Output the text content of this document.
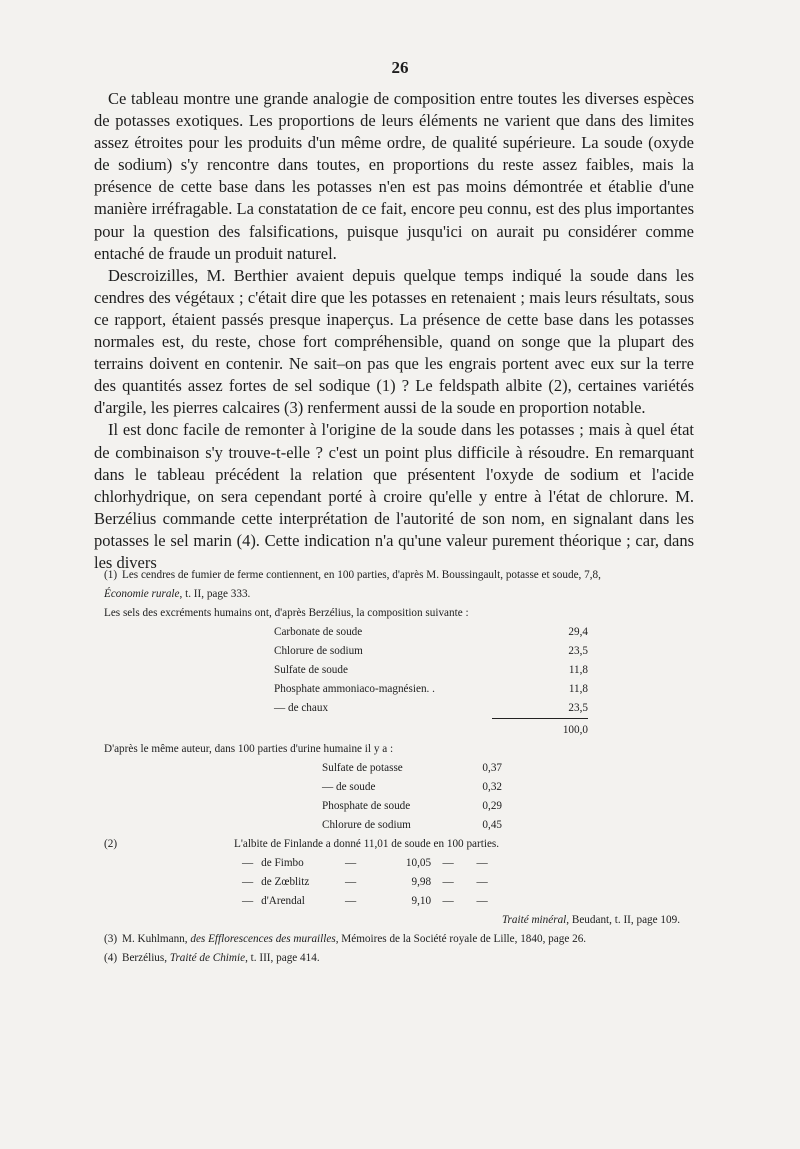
26

Ce tableau montre une grande analogie de composition entre toutes les diverses espèces de potasses exotiques. Les proportions de leurs éléments ne varient que dans des limites assez étroites pour les produits d'un même ordre, de qualité supérieure. La soude (oxyde de sodium) s'y rencontre dans toutes, en proportions du reste assez faibles, mais la présence de cette base dans les potasses n'en est pas moins démontrée et établie d'une manière irréfragable. La constatation de ce fait, encore peu connu, est des plus importantes pour la question des falsifications, puisque jusqu'ici on aurait pu considérer comme entaché de fraude un produit naturel.

Descroizilles, M. Berthier avaient depuis quelque temps indiqué la soude dans les cendres des végétaux ; c'était dire que les potasses en retenaient ; mais leurs résultats, sous ce rapport, étaient passés presque inaperçus. La présence de cette base dans les potasses normales est, du reste, chose fort compréhensible, quand on songe que la plupart des terrains doivent en contenir. Ne sait–on pas que les engrais portent avec eux sur la terre des quantités assez fortes de sel sodique (1) ? Le feldspath albite (2), certaines variétés d'argile, les pierres calcaires (3) renferment aussi de la soude en proportion notable.

Il est donc facile de remonter à l'origine de la soude dans les potasses ; mais à quel état de combinaison s'y trouve-t-elle ? c'est un point plus difficile à résoudre. En remarquant dans le tableau précédent la relation que présentent l'oxyde de sodium et l'acide chlorhydrique, on sera cependant porté à croire qu'elle y entre à l'état de chlorure. M. Berzélius commande cette interprétation de l'autorité de son nom, en signalant dans les potasses le sel marin (4). Cette indication n'a qu'une valeur purement théorique ; car, dans les divers

(1) Les cendres de fumier de ferme contiennent, en 100 parties, d'après M. Boussingault, potasse et soude, 7,8,

Économie rurale, t. II, page 333.

Les sels des excréments humains ont, d'après Berzélius, la composition suivante :

Carbonate de soude	29,4
Chlorure de sodium	23,5
Sulfate de soude	11,8
Phosphate ammoniaco-magnésien. .	11,8
— de chaux	23,5
	100,0

D'après le même auteur, dans 100 parties d'urine humaine il y a :

Sulfate de potasse	0,37
— de soude	0,32
Phosphate de soude	0,29
Chlorure de sodium	0,45
(2)	L'albite de Finlande a donné 11,01 de soude en 100 parties.					
	—	de Fimbo	—	10,05	—	—
	—	de Zœblitz	—	9,98	—	—
	—	d'Arendal	—	9,10	—	—

Traité minéral, Beudant, t. II, page 109.

(3) M. Kuhlmann, des Efflorescences des murailles, Mémoires de la Société royale de Lille, 1840, page 26.

(4) Berzélius, Traité de Chimie, t. III, page 414.
